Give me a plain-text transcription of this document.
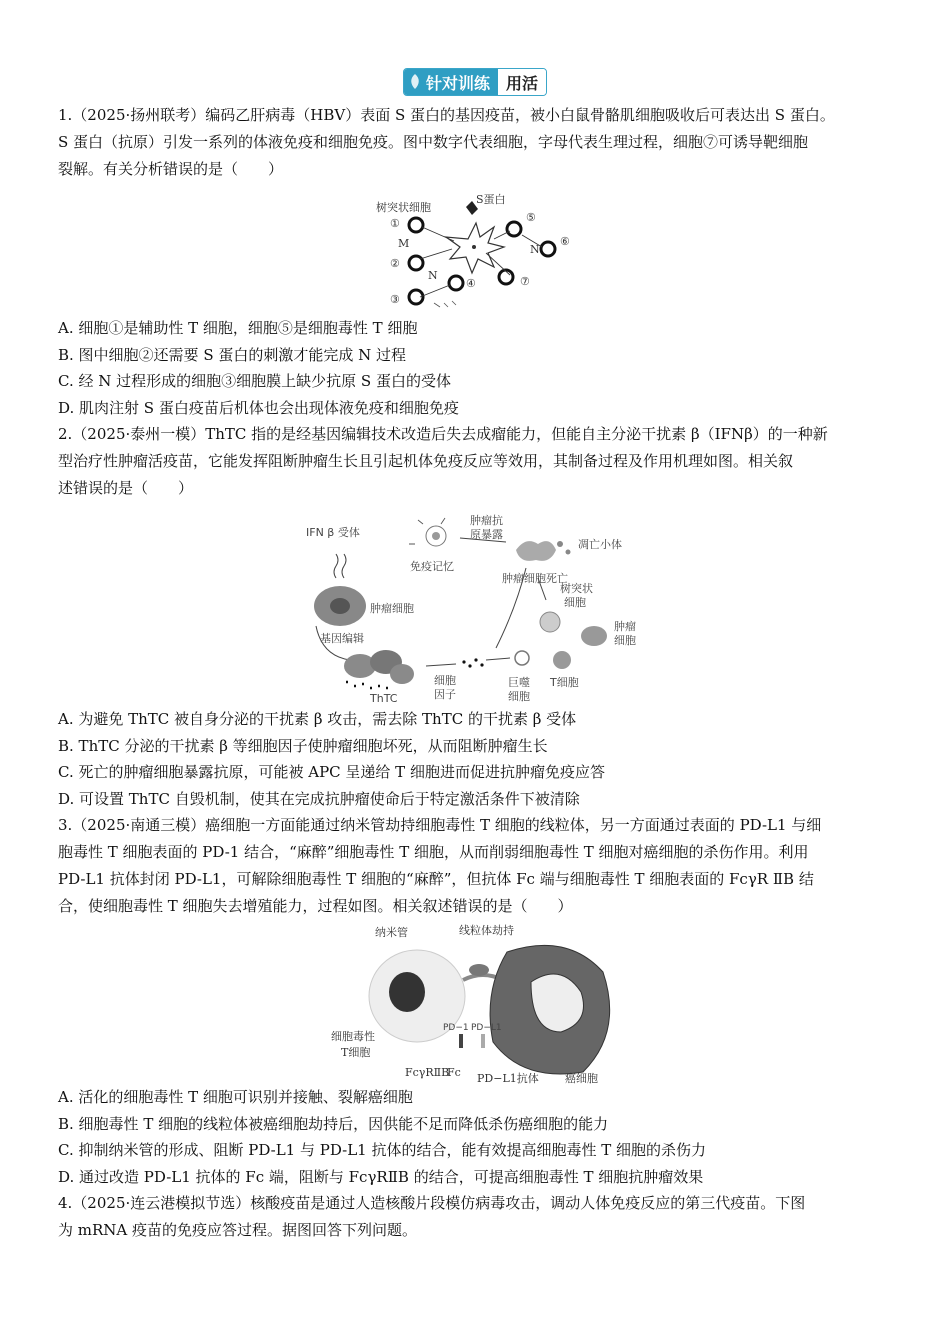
针对训练	用活

1.（2025·扬州联考）编码乙肝病毒（HBV）表面 S 蛋白的基因疫苗，被小白鼠骨骼肌细胞吸收后可表达出 S 蛋白。

S 蛋白（抗原）引发一系列的体液免疫和细胞免疫。图中数字代表细胞，字母代表生理过程，细胞⑦可诱导靶细胞

裂解。有关分析错误的是（　　）

树突状细胞
S蛋白
①
②
③
④
⑤
⑥
⑦
M
N
N

A. 细胞①是辅助性 T 细胞，细胞⑤是细胞毒性 T 细胞

B. 图中细胞②还需要 S 蛋白的刺激才能完成 N 过程

C. 经 N 过程形成的细胞③细胞膜上缺少抗原 S 蛋白的受体

D. 肌肉注射 S 蛋白疫苗后机体也会出现体液免疫和细胞免疫

2.（2025·泰州一模）ThTC 指的是经基因编辑技术改造后失去成瘤能力，但能自主分泌干扰素 β（IFNβ）的一种新

型治疗性肿瘤活疫苗，它能发挥阻断肿瘤生长且引起机体免疫反应等效用，其制备过程及作用机理如图。相关叙

述错误的是（　　）

IFN β 受体
肿瘤细胞
基因编辑
ThTC
细胞
因子
巨噬
细胞
T细胞
树突状
细胞
肿瘤
细胞
凋亡小体
肿瘤细胞死亡
肿瘤抗
原暴露
免疫记忆

A. 为避免 ThTC 被自身分泌的干扰素 β 攻击，需去除 ThTC 的干扰素 β 受体

B. ThTC 分泌的干扰素 β 等细胞因子使肿瘤细胞坏死，从而阻断肿瘤生长

C. 死亡的肿瘤细胞暴露抗原，可能被 APC 呈递给 T 细胞进而促进抗肿瘤免疫应答

D. 可设置 ThTC 自毁机制，使其在完成抗肿瘤使命后于特定激活条件下被清除

3.（2025·南通三模）癌细胞一方面能通过纳米管劫持细胞毒性 T 细胞的线粒体，另一方面通过表面的 PD-L1 与细

胞毒性 T 细胞表面的 PD-1 结合，“麻醉”细胞毒性 T 细胞，从而削弱细胞毒性 T 细胞对癌细胞的杀伤作用。利用

PD-L1 抗体封闭 PD-L1，可解除细胞毒性 T 细胞的“麻醉”，但抗体 Fc 端与细胞毒性 T 细胞表面的 FcγR ⅡB 结

合，使细胞毒性 T 细胞失去增殖能力，过程如图。相关叙述错误的是（　　）

纳米管	线粒体劫持
PD−1 PD−L1
细胞毒性
T细胞
FcγRⅡB
Fc PD−L1抗体 癌细胞

A. 活化的细胞毒性 T 细胞可识别并接触、裂解癌细胞

B. 细胞毒性 T 细胞的线粒体被癌细胞劫持后，因供能不足而降低杀伤癌细胞的能力

C. 抑制纳米管的形成、阻断 PD-L1 与 PD-L1 抗体的结合，能有效提高细胞毒性 T 细胞的杀伤力

D. 通过改造 PD-L1 抗体的 Fc 端，阻断与 FcγRⅡB 的结合，可提高细胞毒性 T 细胞抗肿瘤效果

4.（2025·连云港模拟节选）核酸疫苗是通过人造核酸片段模仿病毒攻击，调动人体免疫反应的第三代疫苗。下图

为 mRNA 疫苗的免疫应答过程。据图回答下列问题。
